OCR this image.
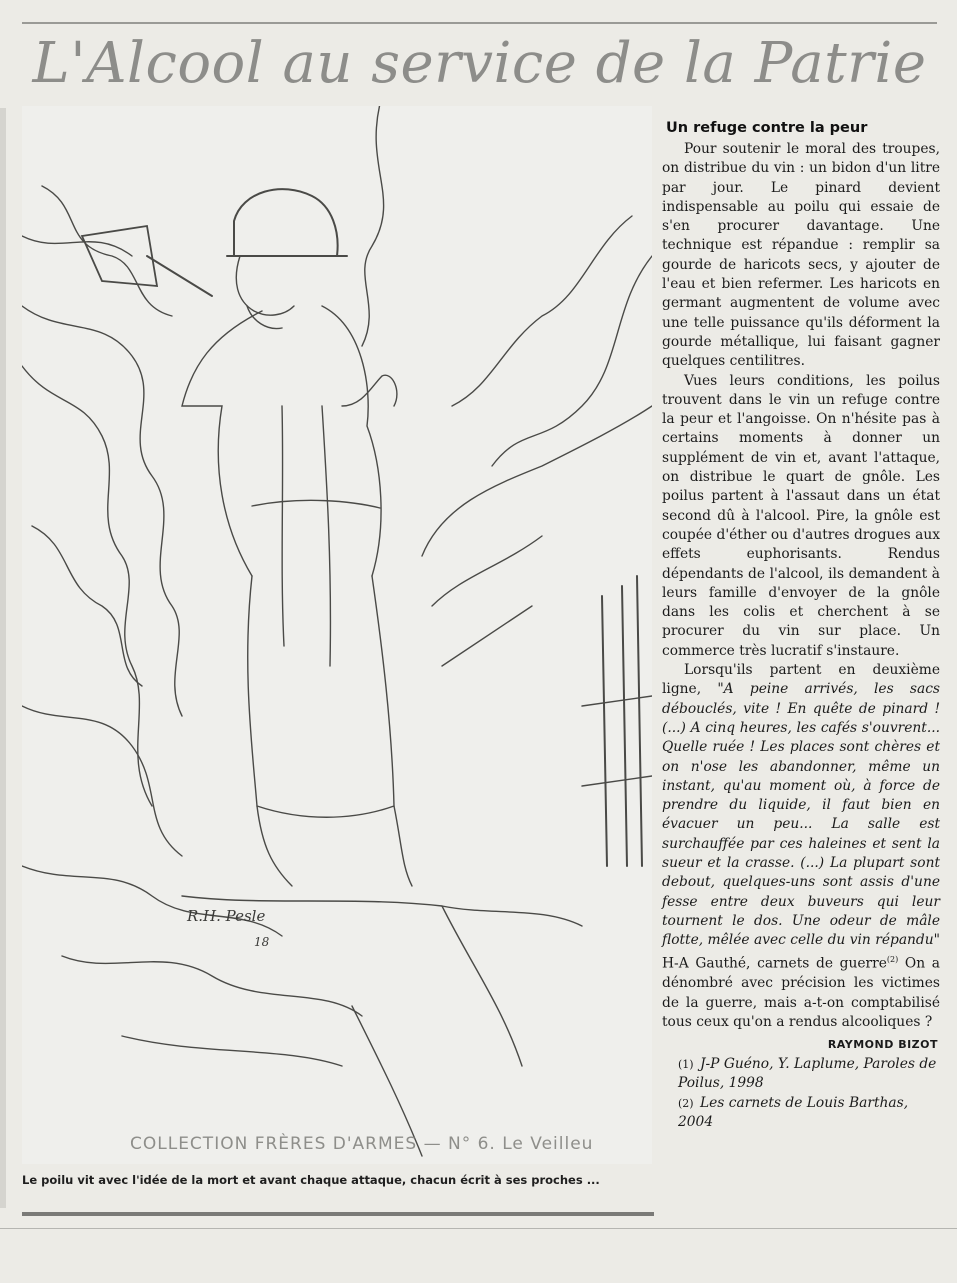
L'Alcool au service de la Patrie
R.H. Pesle
18
COLLECTION FRÈRES D'ARMES — N° 6. Le Veilleu
Le poilu vit avec l'idée de la mort et avant chaque attaque, chacun écrit à ses proches ...
Un refuge contre la peur

Pour soutenir le moral des troupes, on distribue du vin : un bidon d'un litre par jour. Le pinard devient indispensable au poilu qui essaie de s'en procurer davantage. Une technique est répandue : remplir sa gourde de haricots secs, y ajouter de l'eau et bien refermer. Les haricots en germant augmentent de volume avec une telle puissance qu'ils déforment la gourde métallique, lui faisant gagner quelques centilitres.

Vues leurs conditions, les poilus trouvent dans le vin un refuge contre la peur et l'angoisse. On n'hésite pas à certains moments à donner un supplément de vin et, avant l'attaque, on distribue le quart de gnôle. Les poilus partent à l'assaut dans un état second dû à l'alcool. Pire, la gnôle est coupée d'éther ou d'autres drogues aux effets euphorisants. Rendus dépendants de l'alcool, ils demandent à leurs famille d'envoyer de la gnôle dans les colis et cherchent à se procurer du vin sur place. Un commerce très lucratif s'instaure.

Lorsqu'ils partent en deuxième ligne, "A peine arrivés, les sacs débouclés, vite ! En quête de pinard ! (...) A cinq heures, les cafés s'ouvrent... Quelle ruée ! Les places sont chères et on n'ose les abandonner, même un instant, qu'au moment où, à force de prendre du liquide, il faut bien en évacuer un peu... La salle est surchauffée par ces haleines et sent la sueur et la crasse. (...) La plupart sont debout, quelques-uns sont assis d'une fesse entre deux buveurs qui leur tournent le dos. Une odeur de mâle flotte, mêlée avec celle du vin répandu" H-A Gauthé, carnets de guerre$^{(2)}$ On a dénombré avec précision les victimes de la guerre, mais a-t-on comptabilisé tous ceux qu'on a rendus alcooliques ?

RAYMOND BIZOT

(1) J-P Guéno, Y. Laplume, Paroles de Poilus, 1998

(2) Les carnets de Louis Barthas, 2004
